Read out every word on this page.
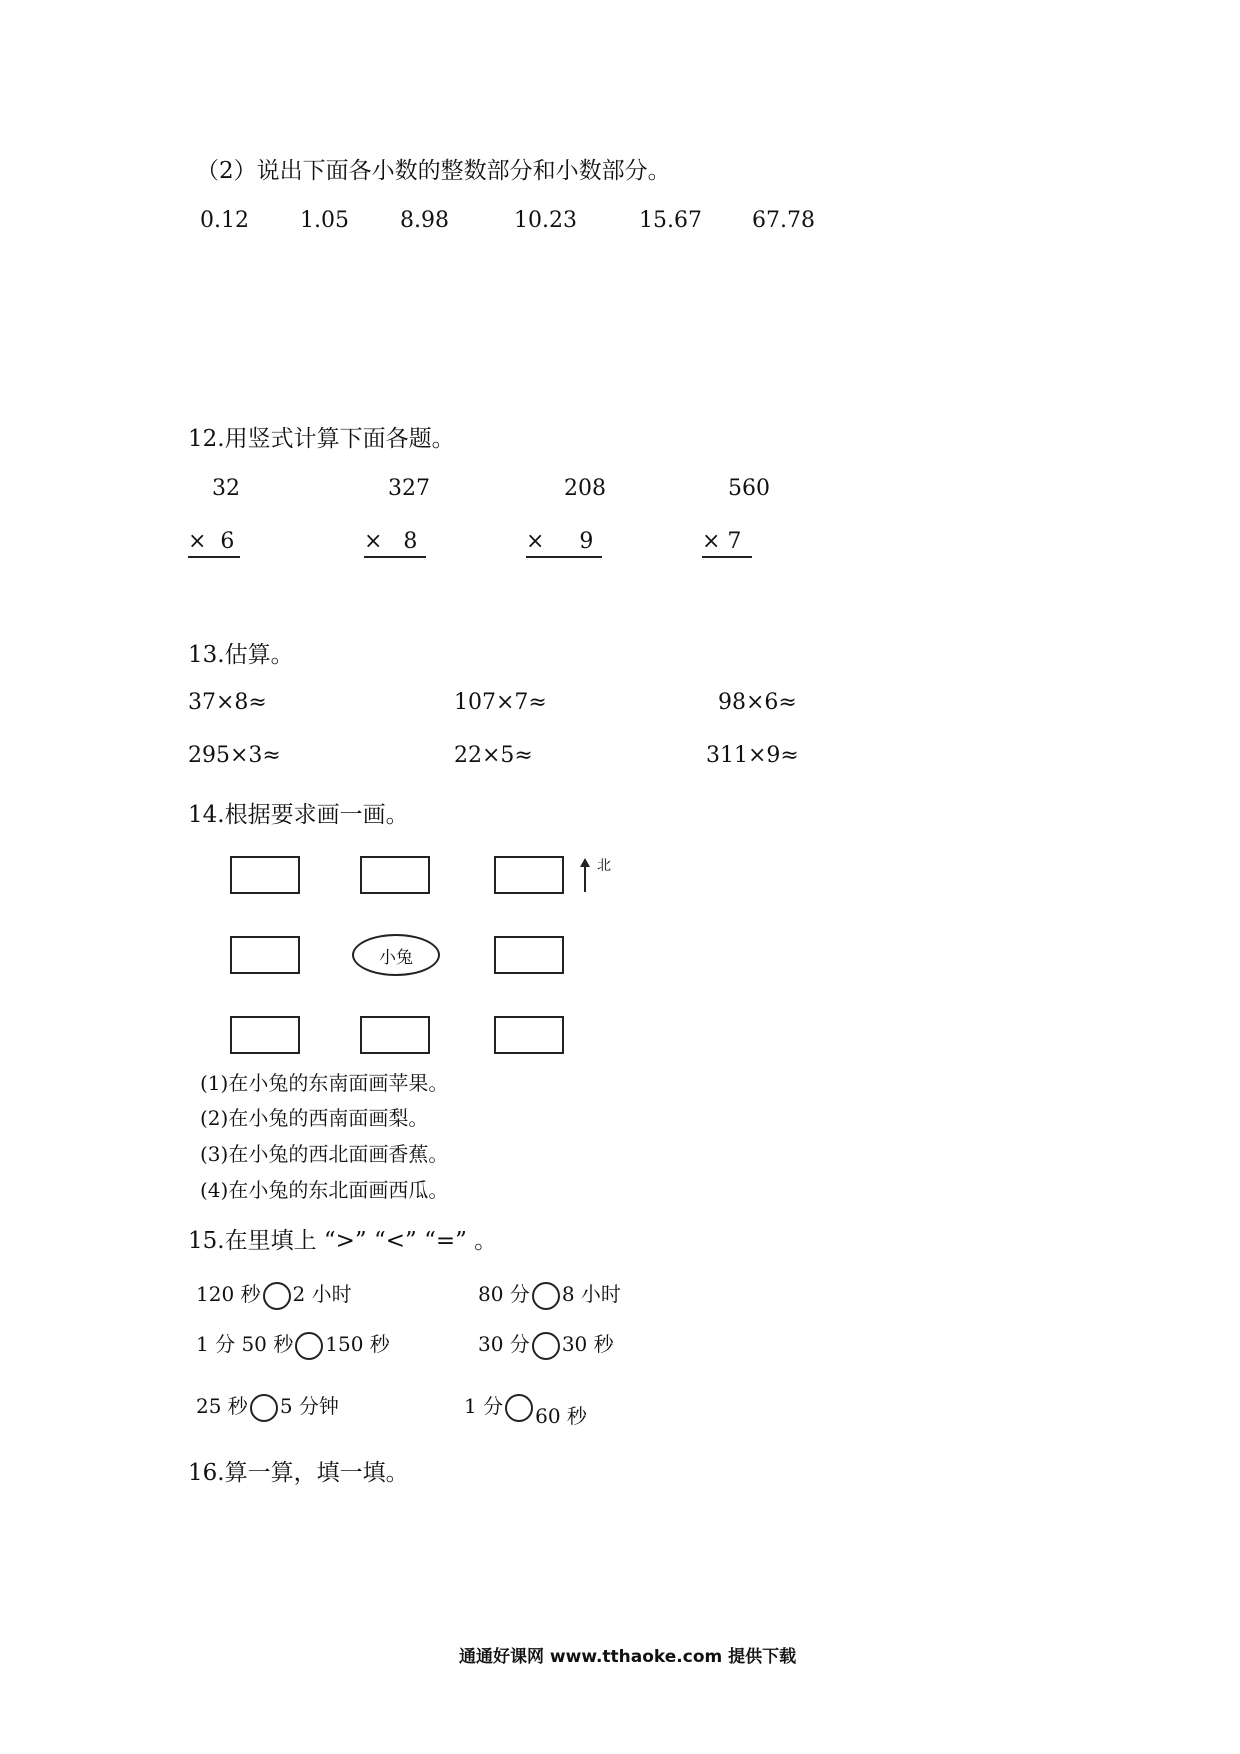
（2）说出下面各小数的整数部分和小数部分。
0.12 1.05 8.98	10.23	15.67 67.78
12.用竖式计算下面各题。
32	327	208	560
×  6	×   8	×     9	× 7
13.估算。
37×8≈	107×7≈	98×6≈
295×3≈	22×5≈	311×9≈
14.根据要求画一画。
小兔
北
(1)在小兔的东南面画苹果。
(2)在小兔的西南面画梨。
(3)在小兔的西北面画香蕉。
(4)在小兔的东北面画西瓜。
15.在里填上 “>” “<” “=” 。
120 秒 2 小时	80 分 8 小时
1 分 50 秒 150 秒	30 分 30 秒
25 秒 5 分钟	1 分 60 秒
16.算一算，填一填。
通通好课网 www.tthaoke.com 提供下载
